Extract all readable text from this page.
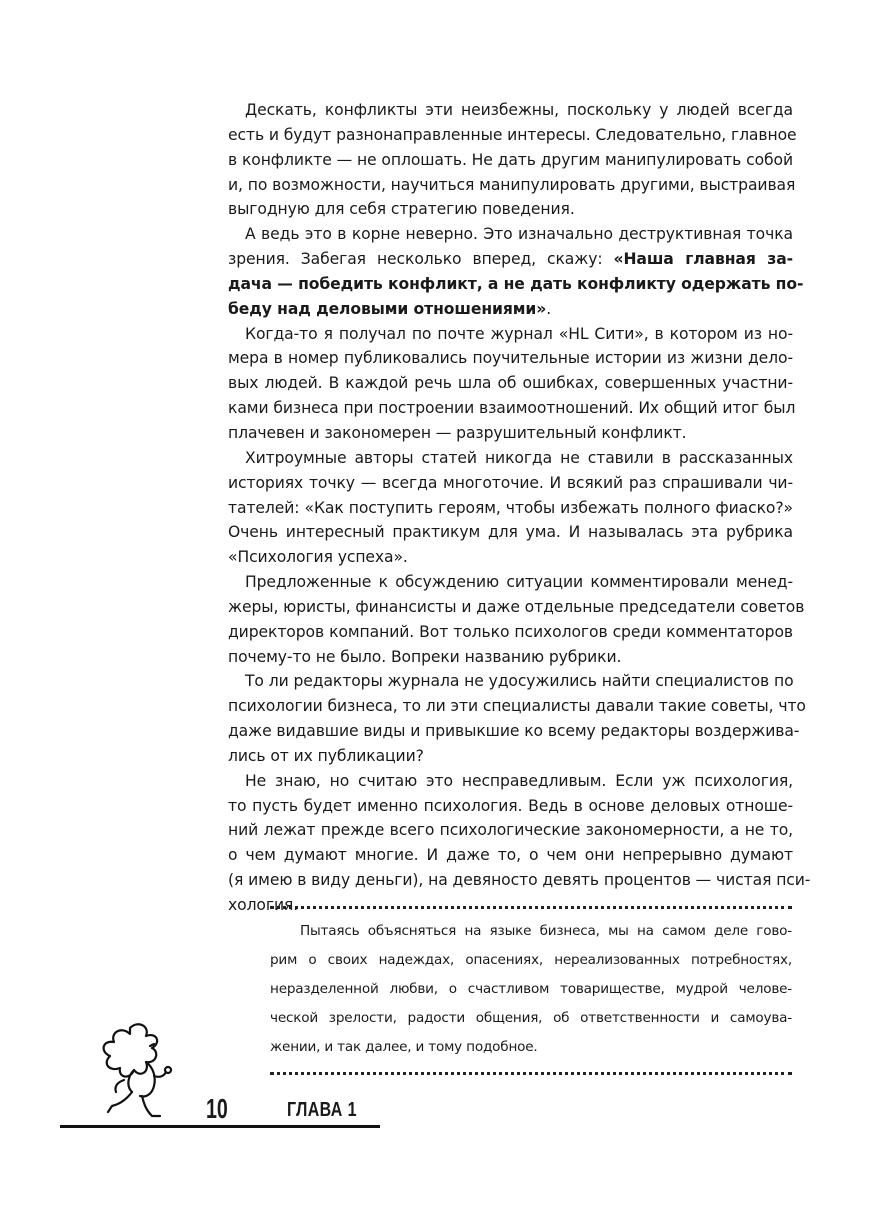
Дескать, конфликты эти неизбежны, поскольку у людей всегда
есть и будут разнонаправленные интересы. Следовательно, главное
в конфликте — не оплошать. Не дать другим манипулировать собой
и, по возможности, научиться манипулировать другими, выстраивая
выгодную для себя стратегию поведения.
А ведь это в корне неверно. Это изначально деструктивная точка
зрения. Забегая несколько вперед, скажу: «Наша главная за-
дача — победить конфликт, а не дать конфликту одержать по-
беду над деловыми отношениями».
Когда-то я получал по почте журнал «HL Сити», в котором из но-
мера в номер публиковались поучительные истории из жизни дело-
вых людей. В каждой речь шла об ошибках, совершенных участни-
ками бизнеса при построении взаимоотношений. Их общий итог был
плачевен и закономерен — разрушительный конфликт.
Хитроумные авторы статей никогда не ставили в рассказанных
историях точку — всегда многоточие. И всякий раз спрашивали чи-
тателей: «Как поступить героям, чтобы избежать полного фиаско?»
Очень интересный практикум для ума. И называлась эта рубрика
«Психология успеха».
Предложенные к обсуждению ситуации комментировали менед-
жеры, юристы, финансисты и даже отдельные председатели советов
директоров компаний. Вот только психологов среди комментаторов
почему-то не было. Вопреки названию рубрики.
То ли редакторы журнала не удосужились найти специалистов по
психологии бизнеса, то ли эти специалисты давали такие советы, что
даже видавшие виды и привыкшие ко всему редакторы воздержива-
лись от их публикации?
Не знаю, но считаю это несправедливым. Если уж психология,
то пусть будет именно психология. Ведь в основе деловых отноше-
ний лежат прежде всего психологические закономерности, а не то,
о чем думают многие. И даже то, о чем они непрерывно думают
(я имею в виду деньги), на девяносто девять процентов — чистая пси-
хология.
Пытаясь объясняться на языке бизнеса, мы на самом деле гово-
рим о своих надеждах, опасениях, нереализованных потребностях,
неразделенной любви, о счастливом товариществе, мудрой челове-
ческой зрелости, радости общения, об ответственности и самоува-
жении, и так далее, и тому подобное.
10	ГЛАВА 1
